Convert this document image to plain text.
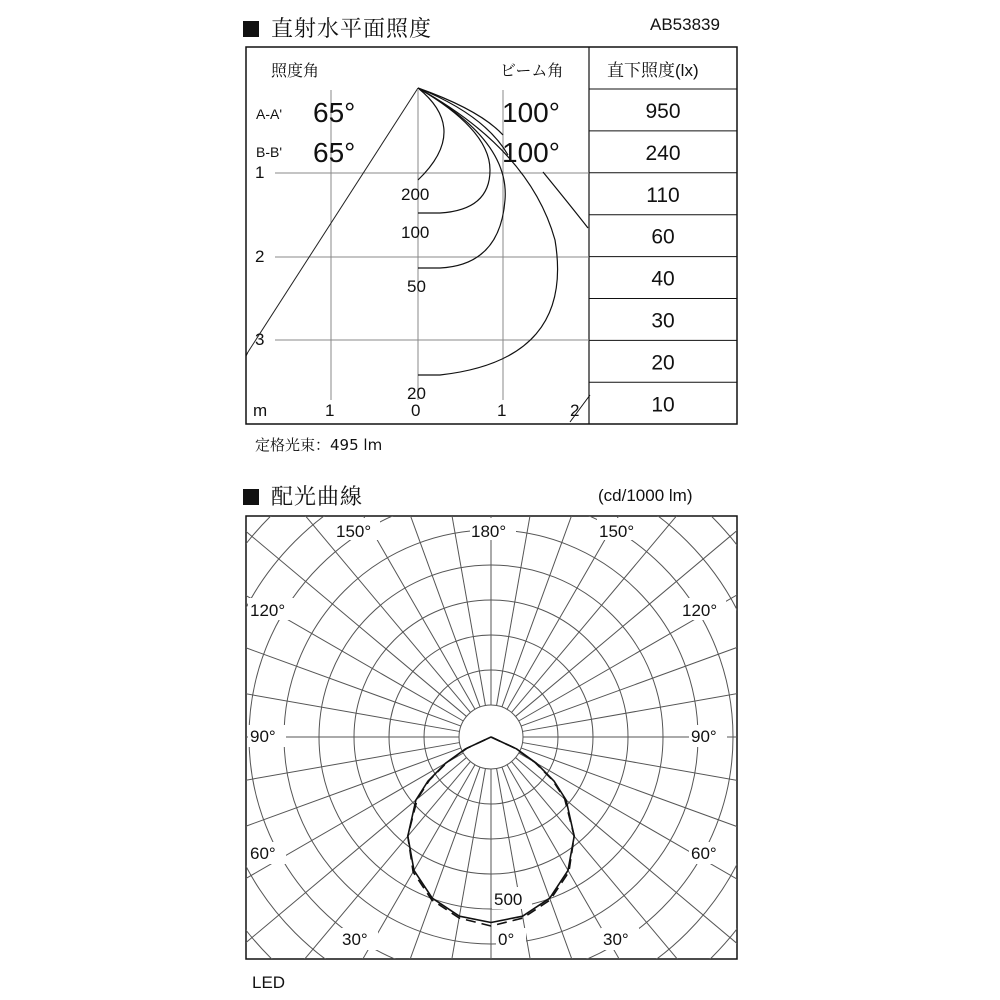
直射水平面照度	AB53839
950
240
110
60
40
30
20
10
照度角	ビーム角	直下照度(lx)
A-A' 65°	100°
B-B' 65°	100°
1
2
3
200
100
50
20
m	1	0	1	2
定格光束：495 lm
配光曲線	(cd/1000 lm)
180°
150°	150°
120°	120°
90°	90°
60°	60°
30°	0°	30°
500
LED
